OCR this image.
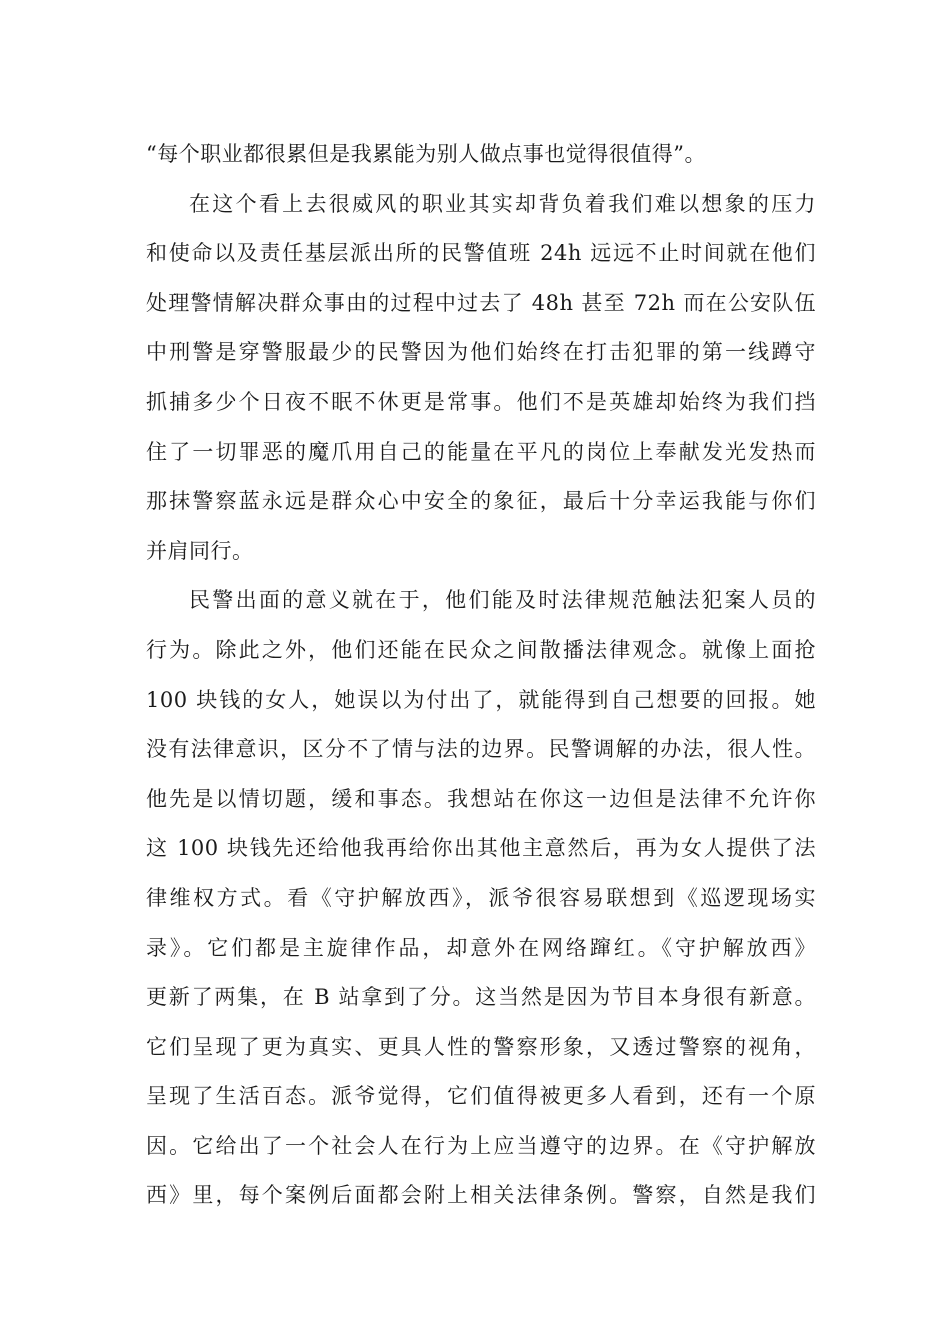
“每个职业都很累但是我累能为别人做点事也觉得很值得”。
在这个看上去很威风的职业其实却背负着我们难以想象的压力
和使命以及责任基层派出所的民警值班 24h 远远不止时间就在他们
处理警情解决群众事由的过程中过去了 48h 甚至 72h 而在公安队伍
中刑警是穿警服最少的民警因为他们始终在打击犯罪的第一线蹲守
抓捕多少个日夜不眠不休更是常事。他们不是英雄却始终为我们挡
住了一切罪恶的魔爪用自己的能量在平凡的岗位上奉献发光发热而
那抹警察蓝永远是群众心中安全的象征，最后十分幸运我能与你们
并肩同行。
民警出面的意义就在于，他们能及时法律规范触法犯案人员的
行为。除此之外，他们还能在民众之间散播法律观念。就像上面抢
100 块钱的女人，她误以为付出了，就能得到自己想要的回报。她
没有法律意识，区分不了情与法的边界。民警调解的办法，很人性。
他先是以情切题，缓和事态。我想站在你这一边但是法律不允许你
这 100 块钱先还给他我再给你出其他主意然后，再为女人提供了法
律维权方式。看《守护解放西》，派爷很容易联想到《巡逻现场实
录》。它们都是主旋律作品，却意外在网络蹿红。《守护解放西》
更新了两集，在 B 站拿到了分。这当然是因为节目本身很有新意。
它们呈现了更为真实、更具人性的警察形象，又透过警察的视角，
呈现了生活百态。派爷觉得，它们值得被更多人看到，还有一个原
因。它给出了一个社会人在行为上应当遵守的边界。在《守护解放
西》里，每个案例后面都会附上相关法律条例。警察，自然是我们
